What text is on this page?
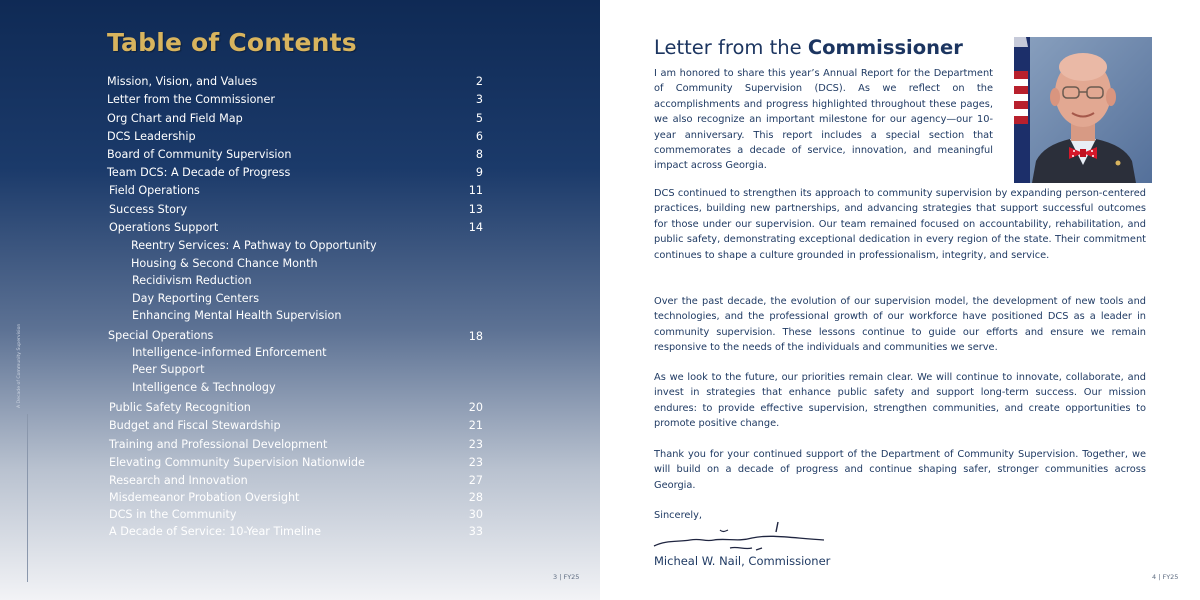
Table of Contents
Mission, Vision, and Values	2
Letter from the Commissioner	3
Org Chart and Field Map	5
DCS Leadership	6
Board of Community Supervision	8
Team DCS: A Decade of Progress	9
Field Operations	11
Success Story	13
Operations Support	14
Reentry Services: A Pathway to Opportunity
Housing & Second Chance Month
Recidivism Reduction
Day Reporting Centers
Enhancing Mental Health Supervision
Special Operations	18
Intelligence-informed Enforcement
Peer Support
Intelligence & Technology
Public Safety Recognition	20
Budget and Fiscal Stewardship	21
Training and Professional Development	23
Elevating Community Supervision Nationwide	23
Research and Innovation	27
Misdemeanor Probation Oversight	28
DCS in the Community	30
A Decade of Service: 10-Year Timeline	33
A Decade of Community Supervision
3 | FY25
Letter from the Commissioner

I am honored to share this year’s Annual Report for the Department of Community Supervision (DCS). As we reflect on the accomplishments and progress highlighted throughout these pages, we also recognize an important milestone for our agency—our 10-year anniversary. This report includes a special section that commemorates a decade of service, innovation, and meaningful impact across Georgia.

DCS continued to strengthen its approach to community supervision by expanding person-centered practices, building new partnerships, and advancing strategies that support successful outcomes for those under our supervision. Our team remained focused on accountability, rehabilitation, and public safety, demonstrating exceptional dedication in every region of the state. Their commitment continues to shape a culture grounded in professionalism, integrity, and service.

Over the past decade, the evolution of our supervision model, the development of new tools and technologies, and the professional growth of our workforce have positioned DCS as a leader in community supervision. These lessons continue to guide our efforts and ensure we remain responsive to the needs of the individuals and communities we serve.

As we look to the future, our priorities remain clear. We will continue to innovate, collaborate, and invest in strategies that enhance public safety and support long-term success. Our mission endures: to provide effective supervision, strengthen communities, and create opportunities to promote positive change.

Thank you for your continued support of the Department of Community Supervision. Together, we will build on a decade of progress and continue shaping safer, stronger communities across Georgia.

Sincerely,

Micheal W. Nail, Commissioner

4 | FY25
